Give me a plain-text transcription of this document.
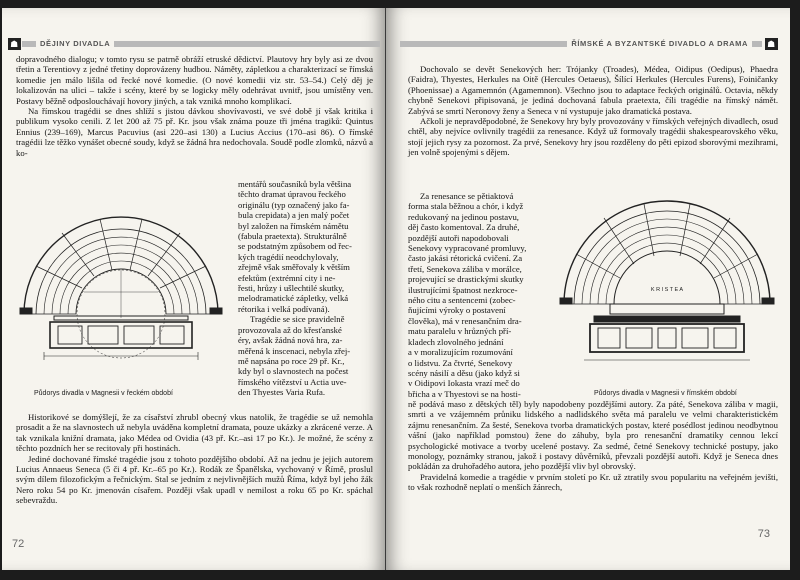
☗	DĚJINY DIVADLA

dopravodného dialogu; v tomto rysu se patrně obráží etruské dědictví. Plautovy hry byly asi ze dvou třetin a Terentiovy z jedné třetiny doprovázeny hudbou. Náměty, zápletkou a charakterizací se římská komedie jen málo lišila od řecké nové komedie. (O nové komedii viz str. 53–54.) Celý děj je lokalizován na ulici – takže i scény, které by se logicky měly odehrávat uvnitř, jsou umístěny ven. Postavy běžně odposlouchávají hovory jiných, a tak vzniká mnoho komplikací.

Na římskou tragédii se dnes shlíží s jistou dávkou shovívavosti, ve své době jí však kritika i publikum vysoko cenili. Z let 200 až 75 př. Kr. jsou však známa pouze tři jména tragiků: Quintus Ennius (239–169), Marcus Pacuvius (asi 220–asi 130) a Lucius Accius (170–asi 86). O římské tragédii lze těžko vynášet obecné soudy, když se žádná hra nedochovala. Soudě podle zlomků, názvů a ko-

mentářů současníků byla většina
těchto dramat úpravou řeckého
originálu (typ označený jako fa-
bula crepidata) a jen malý počet
byl založen na římském námětu
(fabula praetexta). Strukturálně
se podstatným způsobem od řec-
kých tragédií neodchylovaly,
zřejmě však směřovaly k větším
efektům (extrémní city i ne-
řesti, hrůzy i ušlechtilé skutky,
melodramatické zápletky, velká
rétorika i velká podívaná).
Tragédie se sice pravidelně
provozovala až do křesťanské
éry, avšak žádná nová hra, za-
měřená k inscenaci, nebyla zřej-
mě napsána po roce 29 př. Kr.,
kdy byl o slavnostech na počest
římského vítězství u Actia uve-
den Thyestes Varia Rufa.
Půdorys divadla v Magnesii v řeckém období

Historikové se domýšlejí, že za císařství zhrubl obecný vkus natolik, že tragédie se už nemohla prosadit a že na slavnostech už nebyla uváděna kompletní dramata, pouze ukázky a zkrácené verze. A tak vznikala knižní dramata, jako Médea od Ovidia (43 př. Kr.–asi 17 po Kr.). Je možné, že scény z těchto pozdních her se recitovaly při hostinách.

Jediné dochované římské tragédie jsou z tohoto pozdějšího období. Až na jednu je jejich autorem Lucius Annaeus Seneca (5 či 4 př. Kr.–65 po Kr.). Rodák ze Španělska, vychovaný v Římě, proslul svým dílem filozofickým a řečnickým. Stal se jedním z nejvlivnějších mužů Říma, když byl jeho žák Nero roku 54 po Kr. jmenován císařem. Později však upadl v nemilost a roku 65 po Kr. spáchal sebevraždu.

72
ŘÍMSKÉ A BYZANTSKÉ DIVADLO A DRAMA	☗

Dochovalo se devět Senekových her: Trójanky (Troades), Médea, Oidipus (Oedipus), Phaedra (Faidra), Thyestes, Herkules na Oitě (Hercules Oetaeus), Šílící Herkules (Hercules Furens), Foiničanky (Phoenissae) a Agamemnón (Agamemnon). Všechno jsou to adaptace řeckých originálů. Octavia, někdy chybně Senekovi připisovaná, je jediná dochovaná fabula praetexta, číli tragédie na římský námět. Zabývá se smrtí Neronovy ženy a Seneca v ní vystupuje jako dramatická postava.

Ačkoli je nepravděpodobné, že Senekovy hry byly provozovány v římských veřejných divadlech, osud chtěl, aby nejvíce ovlivnily tragédii za renesance. Když už formovaly tragédii shakespearovského věku, stojí jejich rysy za pozornost. Za prvé, Senekovy hry jsou rozděleny do pěti epizod sborovými mezihrami, jen volně spojenými s dějem.

Za renesance se pětiaktová
forma stala běžnou a chór, i když
redukovaný na jedinou postavu,
děj často komentoval. Za druhé,
pozdější autoři napodobovali
Senekovy vypracované promluvy,
často jakási rétorická cvičení. Za
třetí, Senekova záliba v morálce,
projevující se drastickými skutky
ilustrujícími špatnost nezkroce-
ného citu a sentencemi (zobec-
ňujícími výroky o postavení
člověka), má v renesančním dra-
matu paralelu v hrůzných pří-
kladech zlovolného jednání
a v moralizujícím rozumování
o lidstvu. Za čtvrté, Senekovy
scény násilí a děsu (jako když si
v Oidipovi Iokasta vrazí meč do
břicha a v Thyestovi se na hosti-
K R I S T E A
Půdorys divadla v Magnesii v římském období

ně podává maso z dětských těl) byly napodobeny pozdějšími autory. Za páté, Senekova záliba v magii, smrti a ve vzájemném průniku lidského a nadlidského světa má paralelu ve velmi charakteristickém zájmu renesančním. Za šesté, Senekova tvorba dramatických postav, které posédlost jedinou neodbytnou vášní (jako například pomstou) žene do záhuby, byla pro renesanční dramatiky cennou lekcí psychologické motivace a tvorby ucelené postavy. Za sedmé, četné Senekovy technické postupy, jako monology, poznámky stranou, jakož i postavy důvěrníků, převzali pozdější autoři. Když je Seneca dnes pokládán za druhořadého autora, jeho pozdější vliv byl obrovský.

Pravidelná komedie a tragédie v prvním století po Kr. už ztratily svou popularitu na veřejném jevišti, to však rozhodně neplatí o menších žánrech,

73
